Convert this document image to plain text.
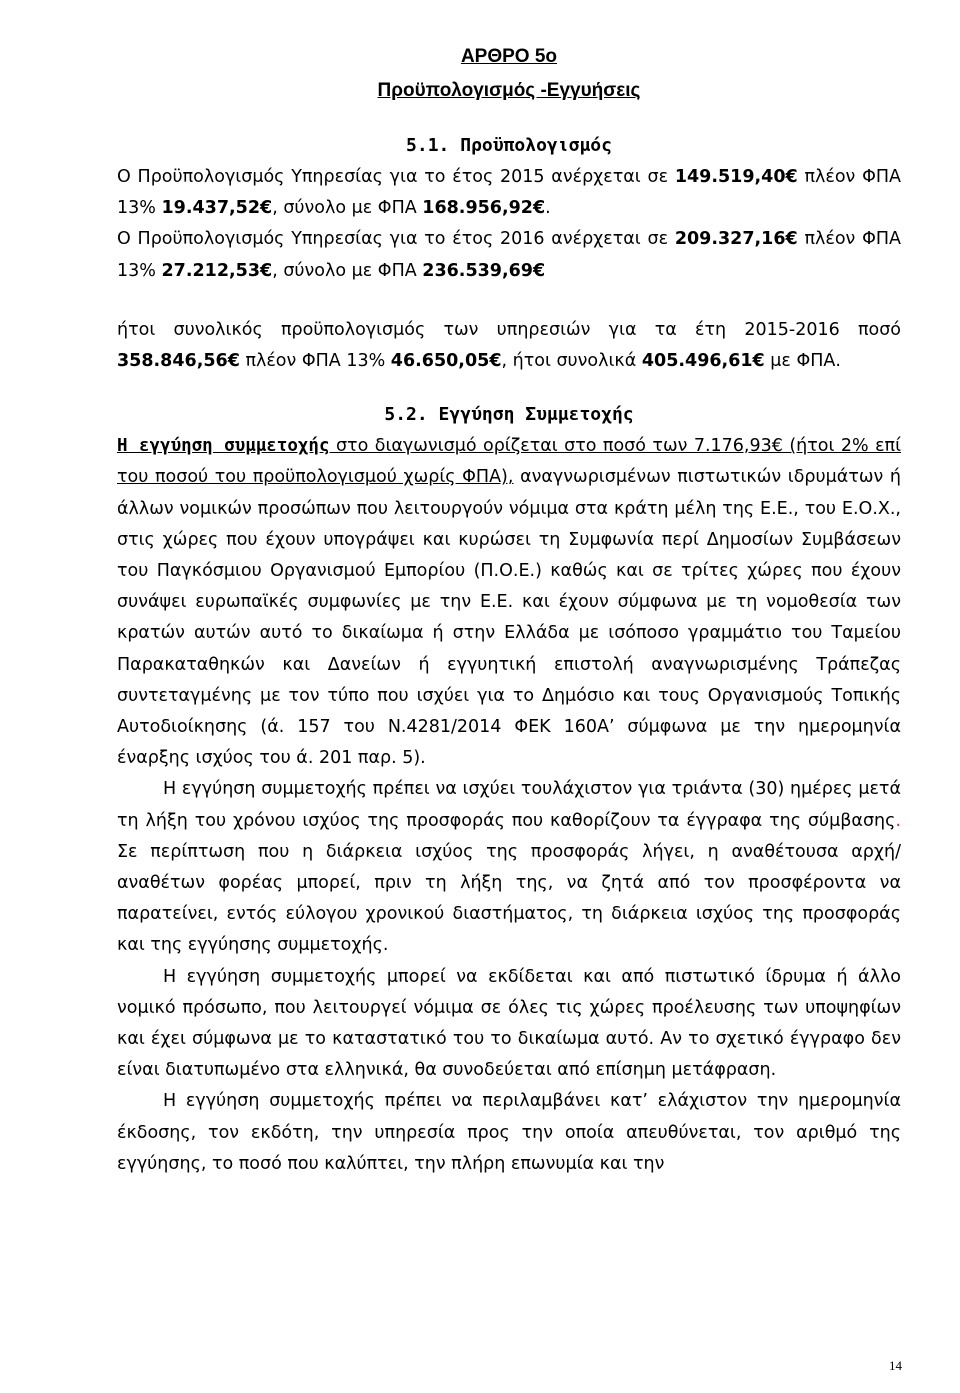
ΑΡΘΡΟ 5ο
Προϋπολογισμός -Εγγυήσεις
5.1. Προϋπολογισμός

Ο Προϋπολογισμός Υπηρεσίας για το έτος 2015 ανέρχεται σε 149.519,40€ πλέον ΦΠΑ 13% 19.437,52€, σύνολο με ΦΠΑ 168.956,92€.

Ο Προϋπολογισμός Υπηρεσίας για το έτος 2016 ανέρχεται σε 209.327,16€ πλέον ΦΠΑ 13% 27.212,53€, σύνολο με ΦΠΑ 236.539,69€

ήτοι συνολικός προϋπολογισμός των υπηρεσιών για τα έτη 2015-2016 ποσό 358.846,56€ πλέον ΦΠΑ 13% 46.650,05€, ήτοι συνολικά 405.496,61€ με ΦΠΑ.

5.2. Εγγύηση Συμμετοχής

Η εγγύηση συμμετοχής στο διαγωνισμό ορίζεται στο ποσό των 7.176,93€ (ήτοι 2% επί του ποσού του προϋπολογισμού χωρίς ΦΠΑ), αναγνωρισμένων πιστωτικών ιδρυμάτων ή άλλων νομικών προσώπων που λειτουργούν νόμιμα στα κράτη μέλη της Ε.Ε., του Ε.Ο.Χ., στις χώρες που έχουν υπογράψει και κυρώσει τη Συμφωνία περί Δημοσίων Συμβάσεων του Παγκόσμιου Οργανισμού Εμπορίου (Π.Ο.Ε.) καθώς και σε τρίτες χώρες που έχουν συνάψει ευρωπαϊκές συμφωνίες με την Ε.Ε. και έχουν σύμφωνα με τη νομοθεσία των κρατών αυτών αυτό το δικαίωμα ή στην Ελλάδα με ισόποσο γραμμάτιο του Ταμείου Παρακαταθηκών και Δανείων ή εγγυητική επιστολή αναγνωρισμένης Τράπεζας συντεταγμένης με τον τύπο που ισχύει για το Δημόσιο και τους Οργανισμούς Τοπικής Αυτοδιοίκησης (ά. 157 του Ν.4281/2014 ΦΕΚ 160Α’ σύμφωνα με την ημερομηνία έναρξης ισχύος του ά. 201 παρ. 5).

Η εγγύηση συμμετοχής πρέπει να ισχύει τουλάχιστον για τριάντα (30) ημέρες μετά τη λήξη του χρόνου ισχύος της προσφοράς που καθορίζουν τα έγγραφα της σύμβασης. Σε περίπτωση που η διάρκεια ισχύος της προσφοράς λήγει, η αναθέτουσα αρχή/αναθέτων φορέας μπορεί, πριν τη λήξη της, να ζητά από τον προσφέροντα να παρατείνει, εντός εύλογου χρονικού διαστήματος, τη διάρκεια ισχύος της προσφοράς και της εγγύησης συμμετοχής.

Η εγγύηση συμμετοχής μπορεί να εκδίδεται και από πιστωτικό ίδρυμα ή άλλο νομικό πρόσωπο, που λειτουργεί νόμιμα σε όλες τις χώρες προέλευσης των υποψηφίων και έχει σύμφωνα με το καταστατικό του το δικαίωμα αυτό. Αν το σχετικό έγγραφο δεν είναι διατυπωμένο στα ελληνικά, θα συνοδεύεται από επίσημη μετάφραση.

Η εγγύηση συμμετοχής πρέπει να περιλαμβάνει κατ’ ελάχιστον την ημερομηνία έκδοσης, τον εκδότη, την υπηρεσία προς την οποία απευθύνεται, τον αριθμό της εγγύησης, το ποσό που καλύπτει, την πλήρη επωνυμία και την

14
